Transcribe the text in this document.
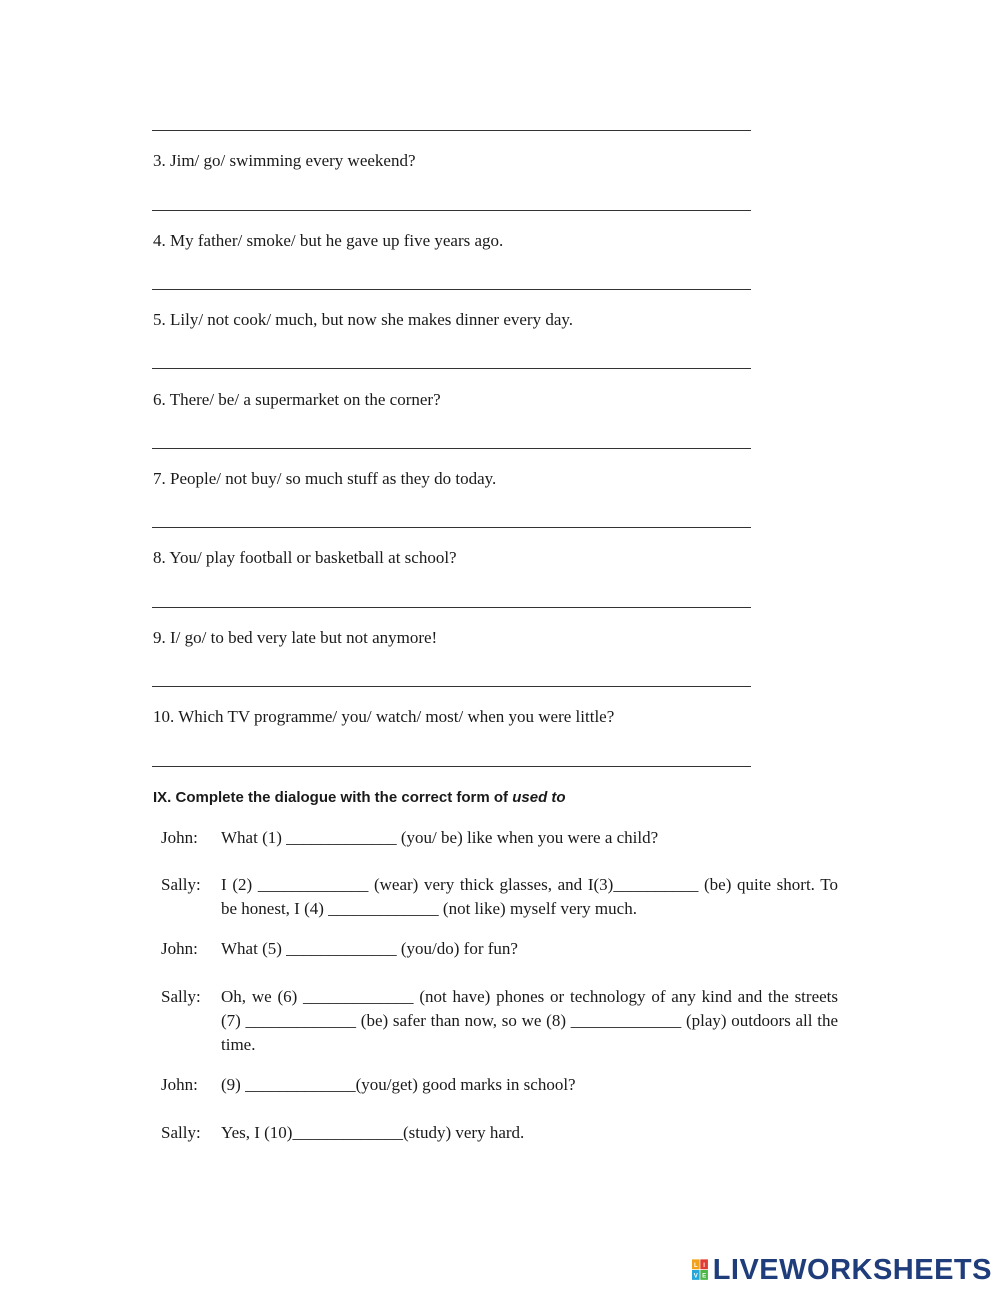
3. Jim/ go/ swimming every weekend?
4. My father/ smoke/ but he gave up five years ago.
5. Lily/ not cook/ much, but now she makes dinner every day.
6. There/ be/ a supermarket on the corner?
7. People/ not buy/ so much stuff as they do today.
8. You/ play football or basketball at school?
9. I/ go/ to bed very late but not anymore!
10. Which TV programme/ you/ watch/ most/ when you were little?
IX. Complete the dialogue with the correct form of used to
John: What (1) _____________ (you/ be) like when you were a child?
Sally: I (2) _____________ (wear) very thick glasses, and I(3)__________ (be) quite short. To be honest, I (4) _____________ (not like) myself very much.
John: What (5) _____________ (you/do) for fun?
Sally: Oh, we (6) _____________ (not have) phones or technology of any kind and the streets (7) _____________ (be) safer than now, so we (8) _____________ (play) outdoors all the time.
John: (9) _____________(you/get) good marks in school?
Sally: Yes, I (10)_____________(study) very hard.
L I
V E LIVEWORKSHEETS
